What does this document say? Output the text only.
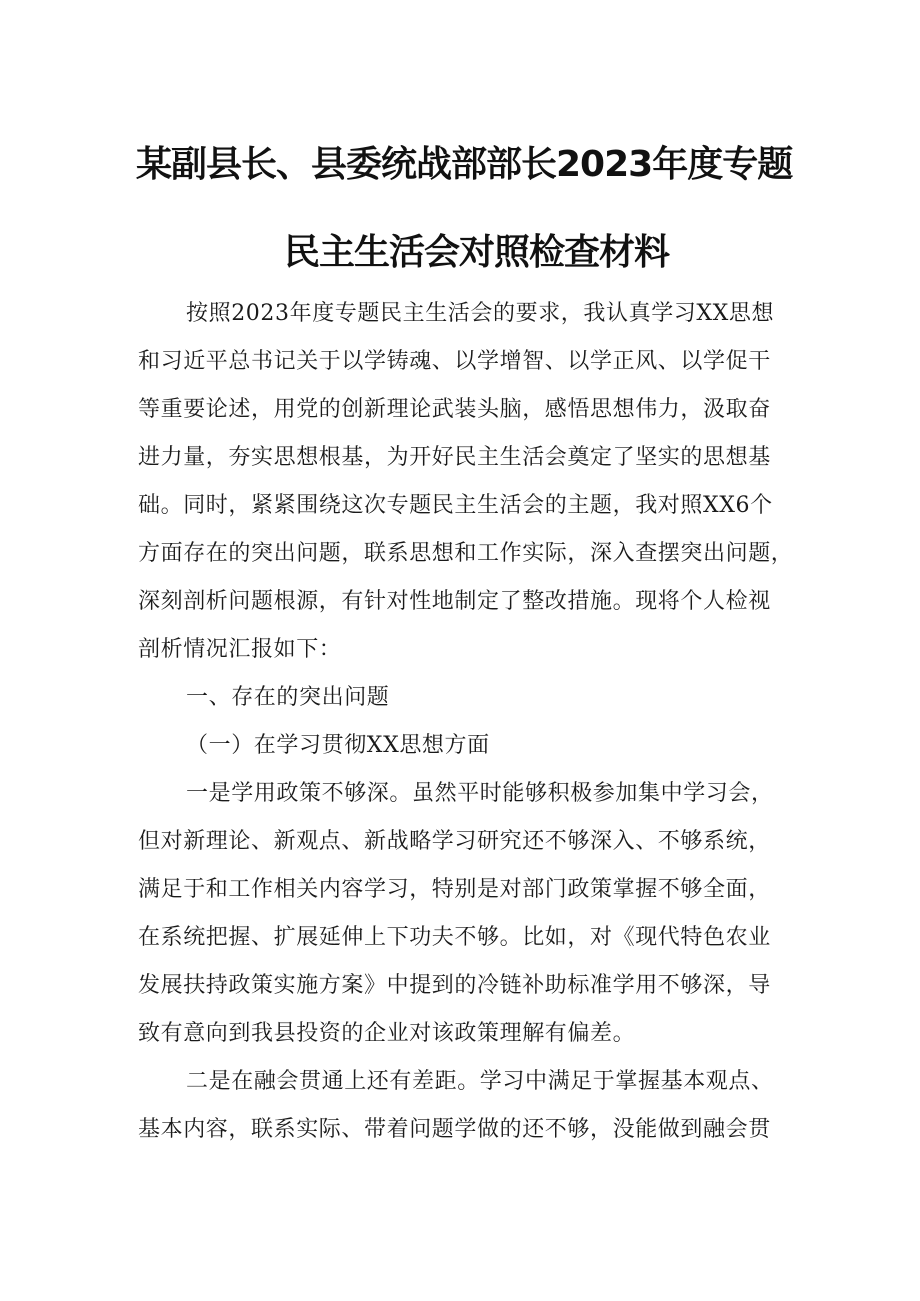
某副县长、县委统战部部长2023年度专题
民主生活会对照检查材料
按照2023年度专题民主生活会的要求，我认真学习XX思想
和习近平总书记关于以学铸魂、以学增智、以学正风、以学促干
等重要论述，用党的创新理论武装头脑，感悟思想伟力，汲取奋
进力量，夯实思想根基，为开好民主生活会奠定了坚实的思想基
础。同时，紧紧围绕这次专题民主生活会的主题，我对照XX6个
方面存在的突出问题，联系思想和工作实际，深入查摆突出问题，
深刻剖析问题根源，有针对性地制定了整改措施。现将个人检视
剖析情况汇报如下：
一、存在的突出问题
（一）在学习贯彻XX思想方面
一是学用政策不够深。虽然平时能够积极参加集中学习会，
但对新理论、新观点、新战略学习研究还不够深入、不够系统，
满足于和工作相关内容学习，特别是对部门政策掌握不够全面，
在系统把握、扩展延伸上下功夫不够。比如，对《现代特色农业
发展扶持政策实施方案》中提到的冷链补助标准学用不够深，导
致有意向到我县投资的企业对该政策理解有偏差。
二是在融会贯通上还有差距。学习中满足于掌握基本观点、
基本内容，联系实际、带着问题学做的还不够，没能做到融会贯
